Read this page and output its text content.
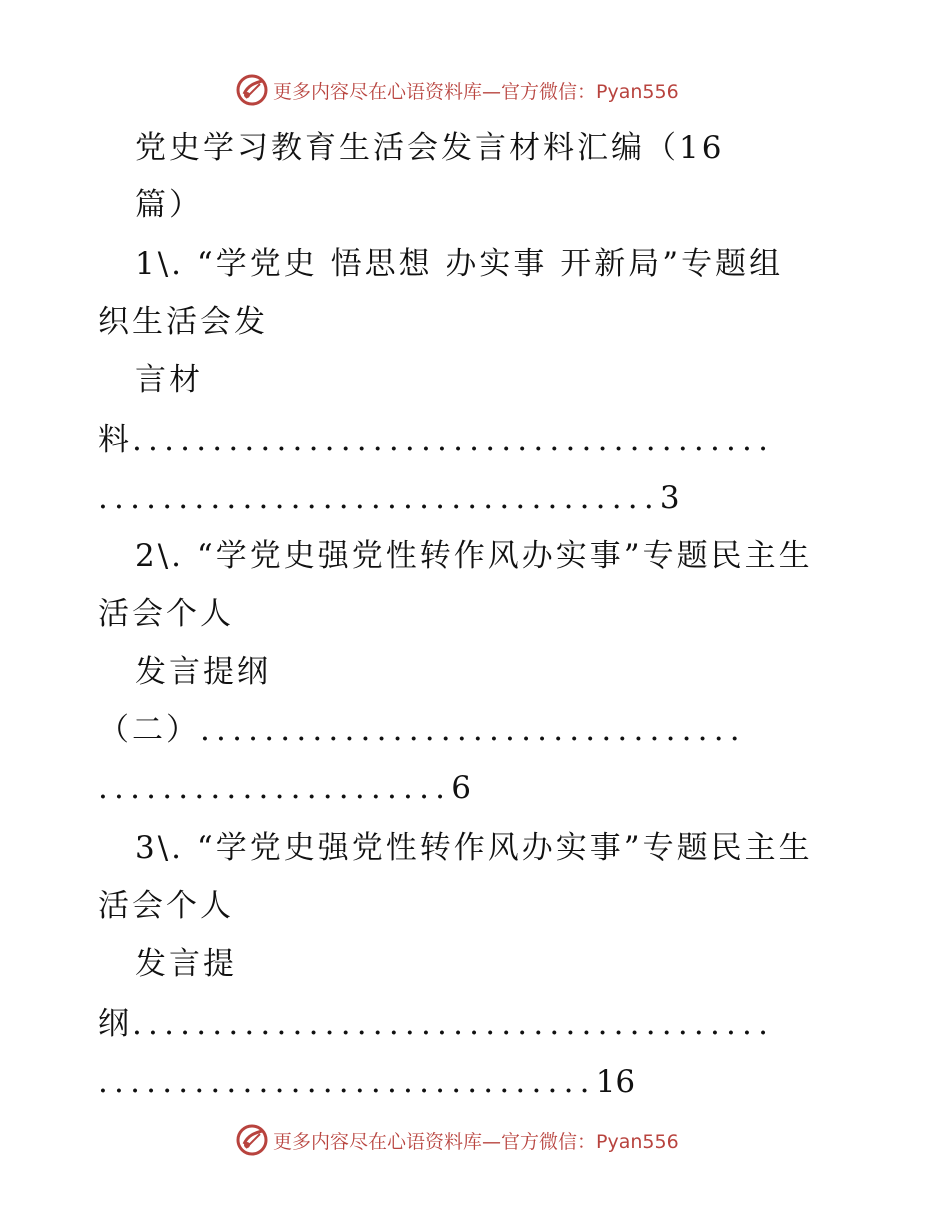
更多内容尽在心语资料库—官方微信：Pyan556
党史学习教育生活会发言材料汇编（16
篇）
1\. “学党史 悟思想 办实事 开新局”专题组
织生活会发
言材
料........................................
...................................3
2\. “学党史强党性转作风办实事”专题民主生
活会个人
发言提纲
（二）..................................
......................6
3\. “学党史强党性转作风办实事”专题民主生
活会个人
发言提
纲........................................
...............................16
更多内容尽在心语资料库—官方微信：Pyan556
